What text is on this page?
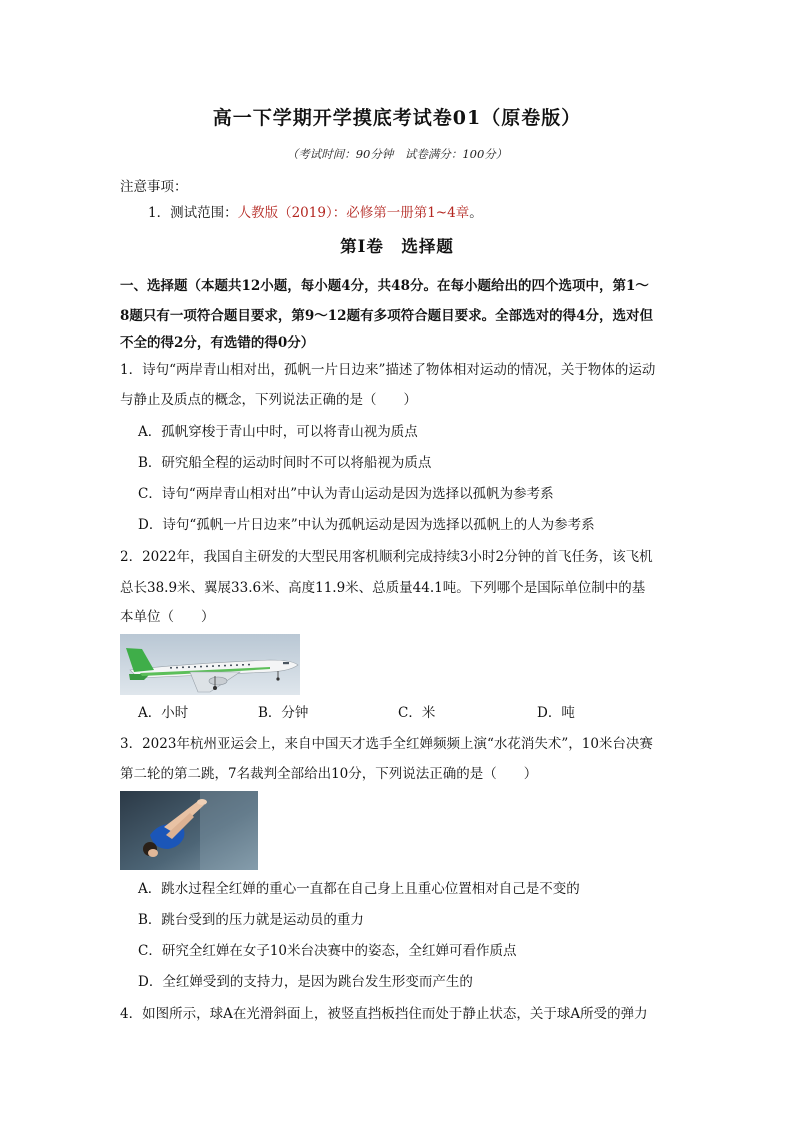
高一下学期开学摸底考试卷01（原卷版）
（考试时间：90分钟　试卷满分：100分）
注意事项：
1．测试范围：人教版（2019）：必修第一册第1~4章。
第Ⅰ卷　选择题
一、选择题（本题共12小题，每小题4分，共48分。在每小题给出的四个选项中，第1～
8题只有一项符合题目要求，第9～12题有多项符合题目要求。全部选对的得4分，选对但
不全的得2分，有选错的得0分）
1．诗句“两岸青山相对出，孤帆一片日边来”描述了物体相对运动的情况，关于物体的运动
与静止及质点的概念，下列说法正确的是（　　）
A．孤帆穿梭于青山中时，可以将青山视为质点
B．研究船全程的运动时间时不可以将船视为质点
C．诗句“两岸青山相对出”中认为青山运动是因为选择以孤帆为参考系
D．诗句“孤帆一片日边来”中认为孤帆运动是因为选择以孤帆上的人为参考系
2．2022年，我国自主研发的大型民用客机顺利完成持续3小时2分钟的首飞任务，该飞机
总长38.9米、翼展33.6米、高度11.9米、总质量44.1吨。下列哪个是国际单位制中的基
本单位（　　）
A．小时	B．分钟	C．米	D．吨
3．2023年杭州亚运会上，来自中国天才选手全红婵频频上演“水花消失术”，10米台决赛
第二轮的第二跳，7名裁判全部给出10分，下列说法正确的是（　　）
A．跳水过程全红婵的重心一直都在自己身上且重心位置相对自己是不变的
B．跳台受到的压力就是运动员的重力
C．研究全红婵在女子10米台决赛中的姿态，全红婵可看作质点
D．全红婵受到的支持力，是因为跳台发生形变而产生的
4．如图所示，球A在光滑斜面上，被竖直挡板挡住而处于静止状态，关于球A所受的弹力
